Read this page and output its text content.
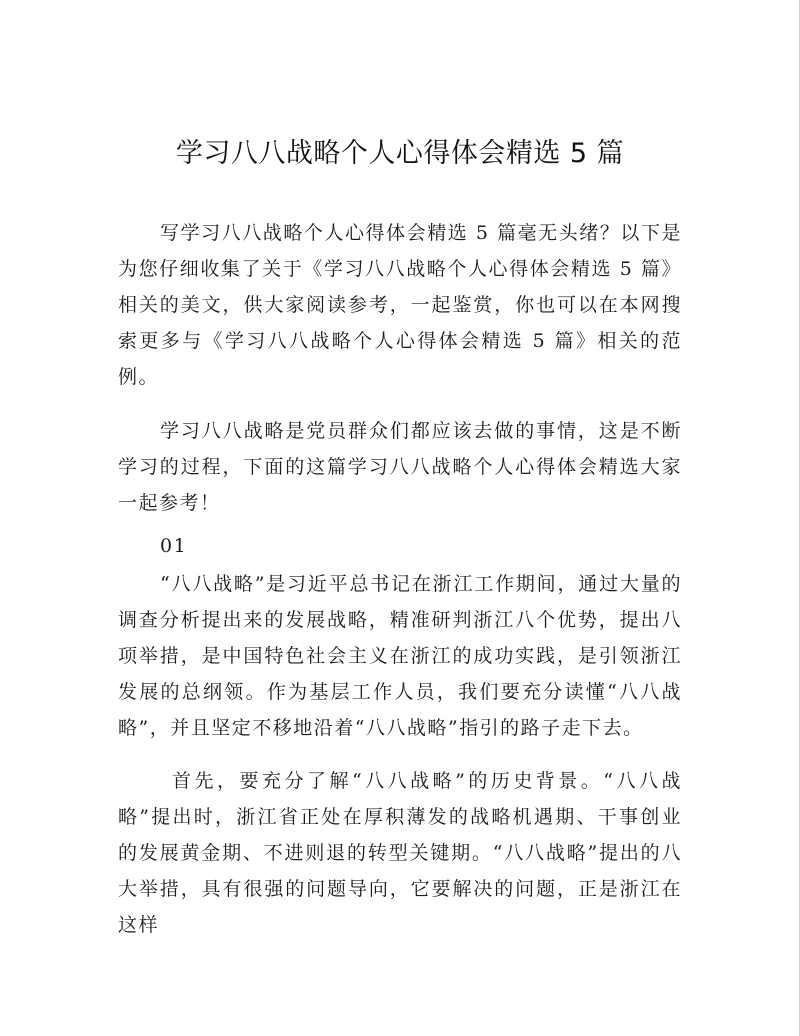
学习八八战略个人心得体会精选 5 篇

写学习八八战略个人心得体会精选 5 篇毫无头绪？以下是为您仔细收集了关于《学习八八战略个人心得体会精选 5 篇》相关的美文，供大家阅读参考，一起鉴赏，你也可以在本网搜索更多与《学习八八战略个人心得体会精选 5 篇》相关的范例。

学习八八战略是党员群众们都应该去做的事情，这是不断学习的过程，下面的这篇学习八八战略个人心得体会精选大家一起参考！

01

“八八战略”是习近平总书记在浙江工作期间，通过大量的调查分析提出来的发展战略，精准研判浙江八个优势，提出八项举措，是中国特色社会主义在浙江的成功实践，是引领浙江发展的总纲领。作为基层工作人员，我们要充分读懂“八八战略”，并且坚定不移地沿着“八八战略”指引的路子走下去。

首先，要充分了解“八八战略”的历史背景。“八八战略”提出时，浙江省正处在厚积薄发的战略机遇期、干事创业的发展黄金期、不进则退的转型关键期。“八八战略”提出的八大举措，具有很强的问题导向，它要解决的问题，正是浙江在这样
